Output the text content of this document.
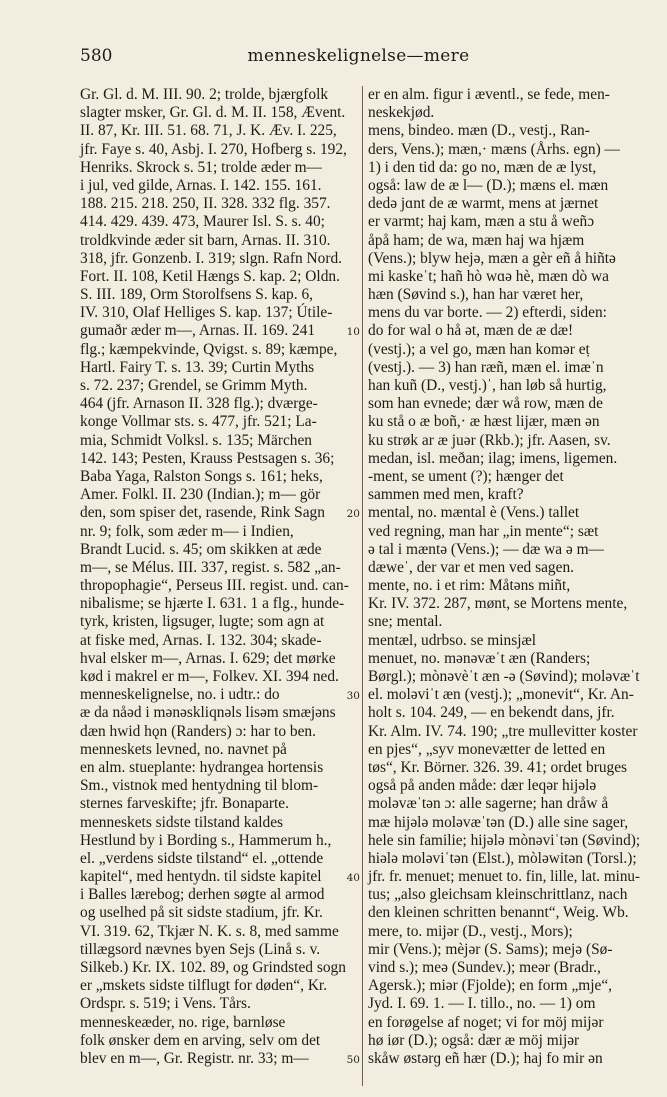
580	menneskelignelse—mere
Gr. Gl. d. M. III. 90. 2; trolde, bjærgfolk
slagter msker, Gr. Gl. d. M. II. 158, Ævent.
II. 87, Kr. III. 51. 68. 71, J. K. Æv. I. 225,
jfr. Faye s. 40, Asbj. I. 270, Hofberg s. 192,
Henriks. Skrock s. 51; trolde æder m—
i jul, ved gilde, Arnas. I. 142. 155. 161.
188. 215. 218. 250, II. 328. 332 flg. 357.
414. 429. 439. 473, Maurer Isl. S. s. 40;
troldkvinde æder sit barn, Arnas. II. 310.
318, jfr. Gonzenb. I. 319; slgn. Rafn Nord.
Fort. II. 108, Ketil Hængs S. kap. 2; Oldn.
S. III. 189, Orm Storolfsens S. kap. 6,
IV. 310, Olaf Helliges S. kap. 137; Útile-
gumaðr æder m—, Arnas. II. 169. 241
flg.; kæmpekvinde, Qvigst. s. 89; kæmpe,
Hartl. Fairy T. s. 13. 39; Curtin Myths
s. 72. 237; Grendel, se Grimm Myth.
464 (jfr. Arnason II. 328 flg.); dværge-
konge Vollmar sts. s. 477, jfr. 521; La-
mia, Schmidt Volksl. s. 135; Märchen
142. 143; Pesten, Krauss Pestsagen s. 36;
Baba Yaga, Ralston Songs s. 161; heks,
Amer. Folkl. II. 230 (Indian.); m— gör
den, som spiser det, rasende, Rink Sagn
nr. 9; folk, som æder m— i Indien,
Brandt Lucid. s. 45; om skikken at æde
m—, se Mélus. III. 337, regist. s. 582 „an-
thropophagie“, Perseus III. regist. und. can-
nibalisme; se hjærte I. 631. 1 a flg., hunde-
tyrk, kristen, ligsuger, lugte; som agn at
at fiske med, Arnas. I. 132. 304; skade-
hval elsker m—, Arnas. I. 629; det mørke
kød i makrel er m—, Folkev. XI. 394 ned.
menneskelignelse, no. i udtr.: do
æ da nåəd i mənəskliqnəls lisəm smæjəns
dæn hwid hǫn (Randers) ɔ: har to ben.
menneskets levned, no. navnet på
en alm. stueplante: hydrangea hortensis
Sm., vistnok med hentydning til blom-
sternes farveskifte; jfr. Bonaparte.
menneskets sidste tilstand kaldes
Hestlund by i Bording s., Hammerum h.,
el. „verdens sidste tilstand“ el. „ottende
kapitel“, med hentydn. til sidste kapitel
i Balles lærebog; derhen søgte al armod
og uselhed på sit sidste stadium, jfr. Kr.
VI. 319. 62, Tkjær N. K. s. 8, med samme
tillægsord nævnes byen Sejs (Linå s. v.
Silkeb.) Kr. IX. 102. 89, og Grindsted sogn
er „mskets sidste tilflugt for døden“, Kr.
Ordspr. s. 519; i Vens. Tårs.
menneskeæder, no. rige, barnløse
folk ønsker dem en arving, selv om det
blev en m—, Gr. Registr. nr. 33; m—
er en alm. figur i æventl., se fede, men-
neskekjød.
mens, bindeo. mæn (D., vestj., Ran-
ders, Vens.); mæn,· mæns (Århs. egn) —
1) i den tid da: go no, mæn de æ lyst,
også: law de æ l— (D.); mæns el. mæn
dedə jɑnt de æ warmt, mens at jærnet
er varmt; haj kam, mæn a stu å weñɔ
åpå ham; de wa, mæn haj wa hjæm
(Vens.); blyw hejə, mæn a gèr eñ å hiñtə
mi kaskeˈt; hañ hò wɑə hè, mæn dò wa
hæn (Søvind s.), han har været her,
mens du var borte. — 2) efterdi, siden:
do for wal o hå ət, mæn de æ dæ!
(vestj.); a vel go, mæn han komər eṭ
(vestj.). — 3) han ræñ, mæn el. imæˈn
han kuñ (D., vestj.)ˈ, han løb så hurtig,
som han evnede; dær wå row, mæn de
ku stå o æ boñ,· æ hæst lijær, mæn ən
ku strøk ar æ juər (Rkb.); jfr. Aasen, sv.
medan, isl. meðan; ilag; imens, ligemen.
-ment, se ument (?); hænger det
sammen med men, kraft?
mental, no. mæntal è (Vens.) tallet
ved regning, man har „in mente“; sæt
ə tal i mæntə (Vens.); — dæ wa ə m—
dæweˈ, der var et men ved sagen.
mente, no. i et rim: Måtəns miñt,
Kr. IV. 372. 287, mønt, se Mortens mente,
sne; mental.
mentæl, udrbso. se minsjæl
menuet, no. mənəvæˈt æn (Randers;
Børgl.); mònəvèˈt æn -ə (Søvind); moləvæˈt
el. moləviˈt æn (vestj.); „monevit“, Kr. An-
holt s. 104. 249, — en bekendt dans, jfr.
Kr. Alm. IV. 74. 190; „tre mullevitter koster
en pjes“, „syv monevætter de letted en
tøs“, Kr. Börner. 326. 39. 41; ordet bruges
også på anden måde: dær leqər hijələ
moləvæˈtən ɔ: alle sagerne; han dråw å
mæ hijələ moləvæˈtən (D.) alle sine sager,
hele sin familie; hijələ mònəviˈtən (Søvind);
hiələ moləviˈtən (Elst.), mòləwitən (Torsl.);
jfr. fr. menuet; menuet to. fin, lille, lat. minu-
tus; „also gleichsam kleinschrittlanz, nach
den kleinen schritten benannt“, Weig. Wb.
mere, to. mijər (D., vestj., Mors);
mir (Vens.); mèjər (S. Sams); mejə (Sø-
vind s.); meə (Sundev.); meər (Bradr.,
Agersk.); miər (Fjolde); en form „mje“,
Jyd. I. 69. 1. — I. tillo., no. — 1) om
en forøgelse af noget; vi for möj mijər
hø iør (D.); også: dær æ möj mijər
skåw østərɡ eñ hær (D.); haj fo mir ən
10
20
30
40
50
